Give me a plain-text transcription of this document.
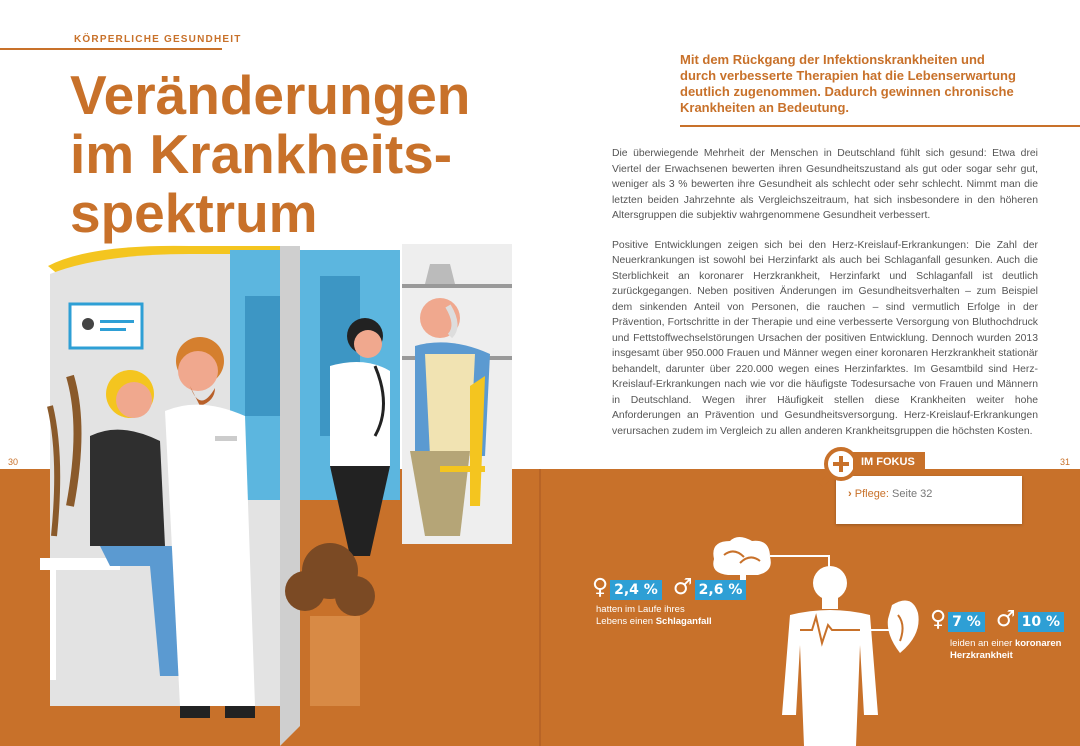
KÖRPERLICHE GESUNDHEIT
Veränderungen
im Krankheits-
spektrum
Mit dem Rückgang der Infektionskrankheiten und durch verbesserte Therapien hat die Lebenserwartung deutlich zugenommen. Dadurch gewinnen chronische Krankheiten an Bedeutung.

Die überwiegende Mehrheit der Menschen in Deutschland fühlt sich gesund: Etwa drei Viertel der Erwachsenen bewerten ihren Gesundheitszustand als gut oder sogar sehr gut, weniger als 3 % bewerten ihre Gesundheit als schlecht oder sehr schlecht. Nimmt man die letzten beiden Jahrzehnte als Vergleichszeitraum, hat sich insbesondere in den höheren Altersgruppen die subjektiv wahrgenommene Gesundheit verbessert.

Positive Entwicklungen zeigen sich bei den Herz-Kreislauf-Erkrankungen: Die Zahl der Neuerkrankungen ist sowohl bei Herzinfarkt als auch bei Schlaganfall gesunken. Auch die Sterblichkeit an koronarer Herzkrankheit, Herzinfarkt und Schlaganfall ist deutlich zurückgegangen. Neben positiven Änderungen im Gesundheitsverhalten – zum Beispiel dem sinkenden Anteil von Personen, die rauchen – sind vermutlich Erfolge in der Prävention, Fortschritte in der Therapie und eine verbesserte Versorgung von Bluthochdruck und Fettstoffwechselstörungen Ursachen der positiven Entwicklung. Dennoch wurden 2013 insgesamt über 950.000 Frauen und Männer wegen einer koronaren Herzkrankheit stationär behandelt, darunter über 220.000 wegen eines Herzinfarktes. Im Gesamtbild sind Herz-Kreislauf-Erkrankungen nach wie vor die häufigste Todesursache von Frauen und Männern in Deutschland. Wegen ihrer Häufigkeit stellen diese Krankheiten weiter hohe Anforderungen an Prävention und Gesundheitsversorgung. Herz-Kreislauf-Erkrankungen verursachen zudem im Vergleich zu allen anderen Krankheitsgruppen die höchsten Kosten.

30	31
IM FOKUS
› Pflege: Seite 32
♀ 2,4 % ♂ 2,6 %
hatten im Laufe ihres
Lebens einen Schlaganfall	♀ 7 % ♂ 10 %
leiden an einer koronaren
Herzkrankheit
